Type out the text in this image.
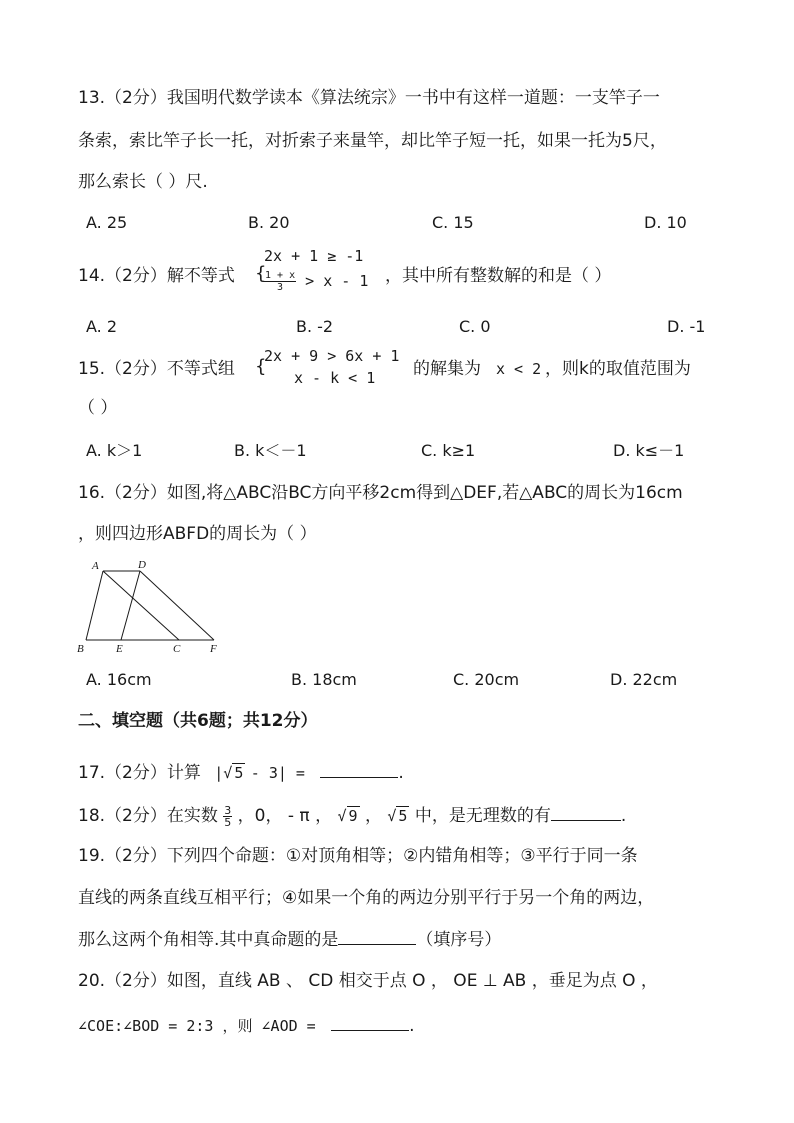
13.（2分）我国明代数学读本《算法统宗》一书中有这样一道题：一支竿子一
条索，索比竿子长一托，对折索子来量竿，却比竿子短一托，如果一托为5尺，
那么索长（ ）尺.
A. 25	B. 20	C. 15	D. 10
14.（2分）解不等式 {
2x + 1 ≥ -1
$\frac{1 + x}{3} > x - 1$ ，其中所有整数解的和是（ ）
A. 2	B. -2	C. 0	D. -1
15.（2分）不等式组 {
2x + 9 > 6x + 1
x - k < 1 的解集为 x < 2 ，则k的取值范围为
（ ）
A. k＞1	B. k＜－1	C. k≥1	D. k≤－1
16.（2分）如图,将△ABC沿BC方向平移2cm得到△DEF,若△ABC的周长为16cm
，则四边形ABFD的周长为（ ）
A	D
B	E	C	F
A. 16cm	B. 18cm	C. 20cm	D. 22cm
二、填空题（共6题；共12分）
17.（2分）计算 |√ 5 - 3| =	.
18.（2分）在实数 $\frac{3}{5}$ ，0， - π ， √ 9 ， √ 5 中，是无理数的有	.
19.（2分）下列四个命题：①对顶角相等；②内错角相等；③平行于同一条
直线的两条直线互相平行；④如果一个角的两边分别平行于另一个角的两边，
那么这两个角相等.其中真命题的是	（填序号）
20.（2分）如图，直线 AB 、 CD 相交于点 O ， OE ⊥ AB ，垂足为点 O ，
∠COE:∠BOD = 2:3 ，则 ∠AOD =	.
